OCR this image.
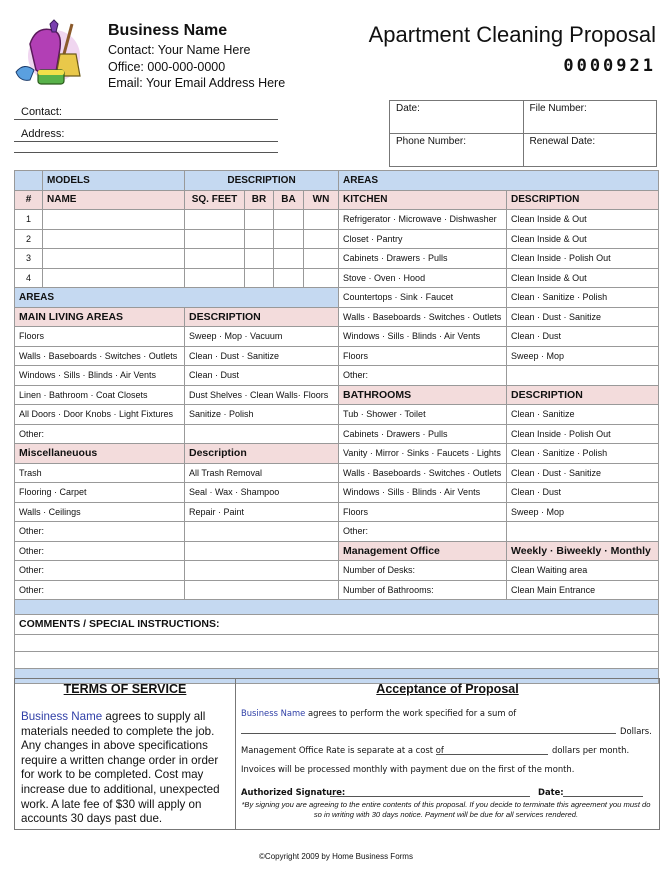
Business Name
Contact: Your Name Here
Office: 000-000-0000
Email: Your Email Address Here
Apartment Cleaning Proposal
0000921
Contact:
Address:
Date:	File Number:
Phone Number:	Renewal Date:
	MODELS	DESCRIPTION				AREAS	
#	NAME	SQ. FEET	BR	BA	WN	KITCHEN	DESCRIPTION
1						Refrigerator · Microwave · Dishwasher	Clean Inside & Out
2						Closet · Pantry	Clean Inside & Out
3						Cabinets · Drawers · Pulls	Clean Inside · Polish Out
4						Stove · Oven · Hood	Clean Inside & Out
AREAS						Countertops · Sink · Faucet	Clean · Sanitize · Polish
MAIN LIVING AREAS		DESCRIPTION				Walls · Baseboards · Switches · Outlets	Clean · Dust · Sanitize
Floors		Sweep · Mop · Vacuum				Windows · Sills · Blinds · Air Vents	Clean · Dust
Walls · Baseboards · Switches · Outlets		Clean · Dust · Sanitize				Floors	Sweep · Mop
Windows · Sills · Blinds · Air Vents		Clean · Dust				Other:	
Linen · Bathroom · Coat Closets		Dust Shelves · Clean Walls· Floors				BATHROOMS	DESCRIPTION
All Doors · Door Knobs · Light Fixtures		Sanitize · Polish				Tub · Shower · Toilet	Clean · Sanitize
Other:						Cabinets · Drawers · Pulls	Clean Inside · Polish Out
Miscellaneuous		Description				Vanity · Mirror · Sinks · Faucets · Lights	Clean · Sanitize · Polish
Trash		All Trash Removal				Walls · Baseboards · Switches · Outlets	Clean · Dust · Sanitize
Flooring · Carpet		Seal · Wax · Shampoo				Windows · Sills · Blinds · Air Vents	Clean · Dust
Walls · Ceilings		Repair · Paint				Floors	Sweep · Mop
Other:						Other:	
Other:						Management Office	Weekly · Biweekly · Monthly
Other:						Number of Desks:	Clean Waiting area
Other:						Number of Bathrooms:	Clean Main Entrance

COMMENTS / SPECIAL INSTRUCTIONS:							

TERMS OF SERVICE
Business Name agrees to supply all materials needed to complete the job. Any changes in above specifications require a written change order in order for work to be completed. Cost may increase due to additional, unexpected work. A late fee of $30 will apply on accounts 30 days past due.
Acceptance of Proposal
Business Name agrees to perform the work specified for a sum of
Dollars.
Management Office Rate is separate at a cost of	dollars per month.
Invoices will be processed monthly with payment due on the first of the month.
Authorized Signature:	Date:
*By signing you are agreeing to the entire contents of this proposal. If you decide to terminate this agreement you must do so in writing with 30 days notice. Payment will be due for all services rendered.
©Copyright 2009 by Home Business Forms
